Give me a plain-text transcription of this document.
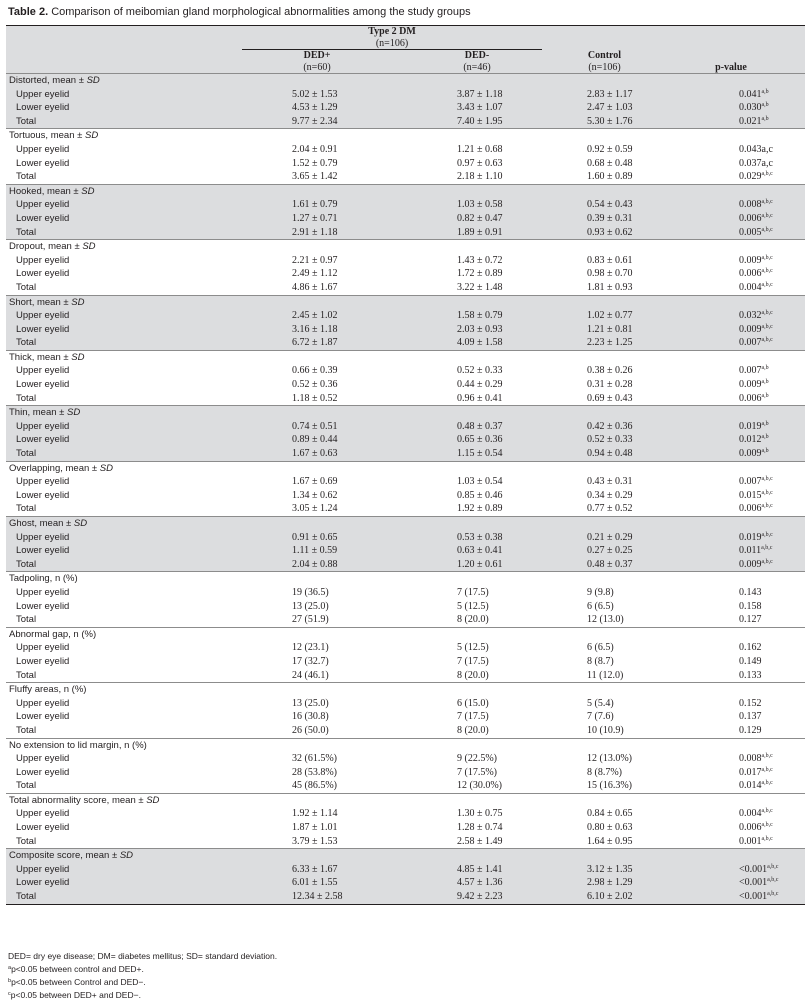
Table 2. Comparison of meibomian gland morphological abnormalities among the study groups
	Type 2 DM			

	(n=106)			

	DED+	DED-	Control	
	(n=60)	(n=46)	(n=106)	p-value
Distorted, mean ± SD				
Upper eyelid	5.02 ± 1.53	3.87 ± 1.18	2.83 ± 1.17	0.041$^{a,b}$
Lower eyelid	4.53 ± 1.29	3.43 ± 1.07	2.47 ± 1.03	0.030$^{a,b}$
Total	9.77 ± 2.34	7.40 ± 1.95	5.30 ± 1.76	0.021$^{a,b}$
Tortuous, mean ± SD				
Upper eyelid	2.04 ± 0.91	1.21 ± 0.68	0.92 ± 0.59	0.043a,c
Lower eyelid	1.52 ± 0.79	0.97 ± 0.63	0.68 ± 0.48	0.037a,c
Total	3.65 ± 1.42	2.18 ± 1.10	1.60 ± 0.89	0.029$^{a,b,c}$
Hooked, mean ± SD				
Upper eyelid	1.61 ± 0.79	1.03 ± 0.58	0.54 ± 0.43	0.008$^{a,b,c}$
Lower eyelid	1.27 ± 0.71	0.82 ± 0.47	0.39 ± 0.31	0.006$^{a,b,c}$
Total	2.91 ± 1.18	1.89 ± 0.91	0.93 ± 0.62	0.005$^{a,b,c}$
Dropout, mean ± SD				
Upper eyelid	2.21 ± 0.97	1.43 ± 0.72	0.83 ± 0.61	0.009$^{a,b,c}$
Lower eyelid	2.49 ± 1.12	1.72 ± 0.89	0.98 ± 0.70	0.006$^{a,b,c}$
Total	4.86 ± 1.67	3.22 ± 1.48	1.81 ± 0.93	0.004$^{a,b,c}$
Short, mean ± SD				
Upper eyelid	2.45 ± 1.02	1.58 ± 0.79	1.02 ± 0.77	0.032$^{a,b,c}$
Lower eyelid	3.16 ± 1.18	2.03 ± 0.93	1.21 ± 0.81	0.009$^{a,b,c}$
Total	6.72 ± 1.87	4.09 ± 1.58	2.23 ± 1.25	0.007$^{a,b,c}$
Thick, mean ± SD				
Upper eyelid	0.66 ± 0.39	0.52 ± 0.33	0.38 ± 0.26	0.007$^{a,b}$
Lower eyelid	0.52 ± 0.36	0.44 ± 0.29	0.31 ± 0.28	0.009$^{a,b}$
Total	1.18 ± 0.52	0.96 ± 0.41	0.69 ± 0.43	0.006$^{a,b}$
Thin, mean ± SD				
Upper eyelid	0.74 ± 0.51	0.48 ± 0.37	0.42 ± 0.36	0.019$^{a,b}$
Lower eyelid	0.89 ± 0.44	0.65 ± 0.36	0.52 ± 0.33	0.012$^{a,b}$
Total	1.67 ± 0.63	1.15 ± 0.54	0.94 ± 0.48	0.009$^{a,b}$
Overlapping, mean ± SD				
Upper eyelid	1.67 ± 0.69	1.03 ± 0.54	0.43 ± 0.31	0.007$^{a,b,c}$
Lower eyelid	1.34 ± 0.62	0.85 ± 0.46	0.34 ± 0.29	0.015$^{a,b,c}$
Total	3.05 ± 1.24	1.92 ± 0.89	0.77 ± 0.52	0.006$^{a,b,c}$
Ghost, mean ± SD				
Upper eyelid	0.91 ± 0.65	0.53 ± 0.38	0.21 ± 0.29	0.019$^{a,b,c}$
Lower eyelid	1.11 ± 0.59	0.63 ± 0.41	0.27 ± 0.25	0.011$^{a,b,c}$
Total	2.04 ± 0.88	1.20 ± 0.61	0.48 ± 0.37	0.009$^{a,b,c}$
Tadpoling, n (%)				
Upper eyelid	19 (36.5)	7 (17.5)	9 (9.8)	0.143
Lower eyelid	13 (25.0)	5 (12.5)	6 (6.5)	0.158
Total	27 (51.9)	8 (20.0)	12 (13.0)	0.127
Abnormal gap, n (%)				
Upper eyelid	12 (23.1)	5 (12.5)	6 (6.5)	0.162
Lower eyelid	17 (32.7)	7 (17.5)	8 (8.7)	0.149
Total	24 (46.1)	8 (20.0)	11 (12.0)	0.133
Fluffy areas, n (%)				
Upper eyelid	13 (25.0)	6 (15.0)	5 (5.4)	0.152
Lower eyelid	16 (30.8)	7 (17.5)	7 (7.6)	0.137
Total	26 (50.0)	8 (20.0)	10 (10.9)	0.129
No extension to lid margin, n (%)				
Upper eyelid	32 (61.5%)	9 (22.5%)	12 (13.0%)	0.008$^{a,b,c}$
Lower eyelid	28 (53.8%)	7 (17.5%)	8 (8.7%)	0.017$^{a,b,c}$
Total	45 (86.5%)	12 (30.0%)	15 (16.3%)	0.014$^{a,b,c}$
Total abnormality score, mean ± SD				
Upper eyelid	1.92 ± 1.14	1.30 ± 0.75	0.84 ± 0.65	0.004$^{a,b,c}$
Lower eyelid	1.87 ± 1.01	1.28 ± 0.74	0.80 ± 0.63	0.006$^{a,b,c}$
Total	3.79 ± 1.53	2.58 ± 1.49	1.64 ± 0.95	0.001$^{a,b,c}$
Composite score, mean ± SD				
Upper eyelid	6.33 ± 1.67	4.85 ± 1.41	3.12 ± 1.35	$<0.001^{a,b,c}$
Lower eyelid	6.01 ± 1.55	4.57 ± 1.36	2.98 ± 1.29	$<0.001^{a,b,c}$
Total	12.34 ± 2.58	9.42 ± 2.23	6.10 ± 2.02	$<0.001^{a,b,c}$
DED= dry eye disease; DM= diabetes mellitus; SD= standard deviation.
$^a$p<0.05 between control and DED+.
$^b$p<0.05 between Control and DED−.
$^c$p<0.05 between DED+ and DED−.
